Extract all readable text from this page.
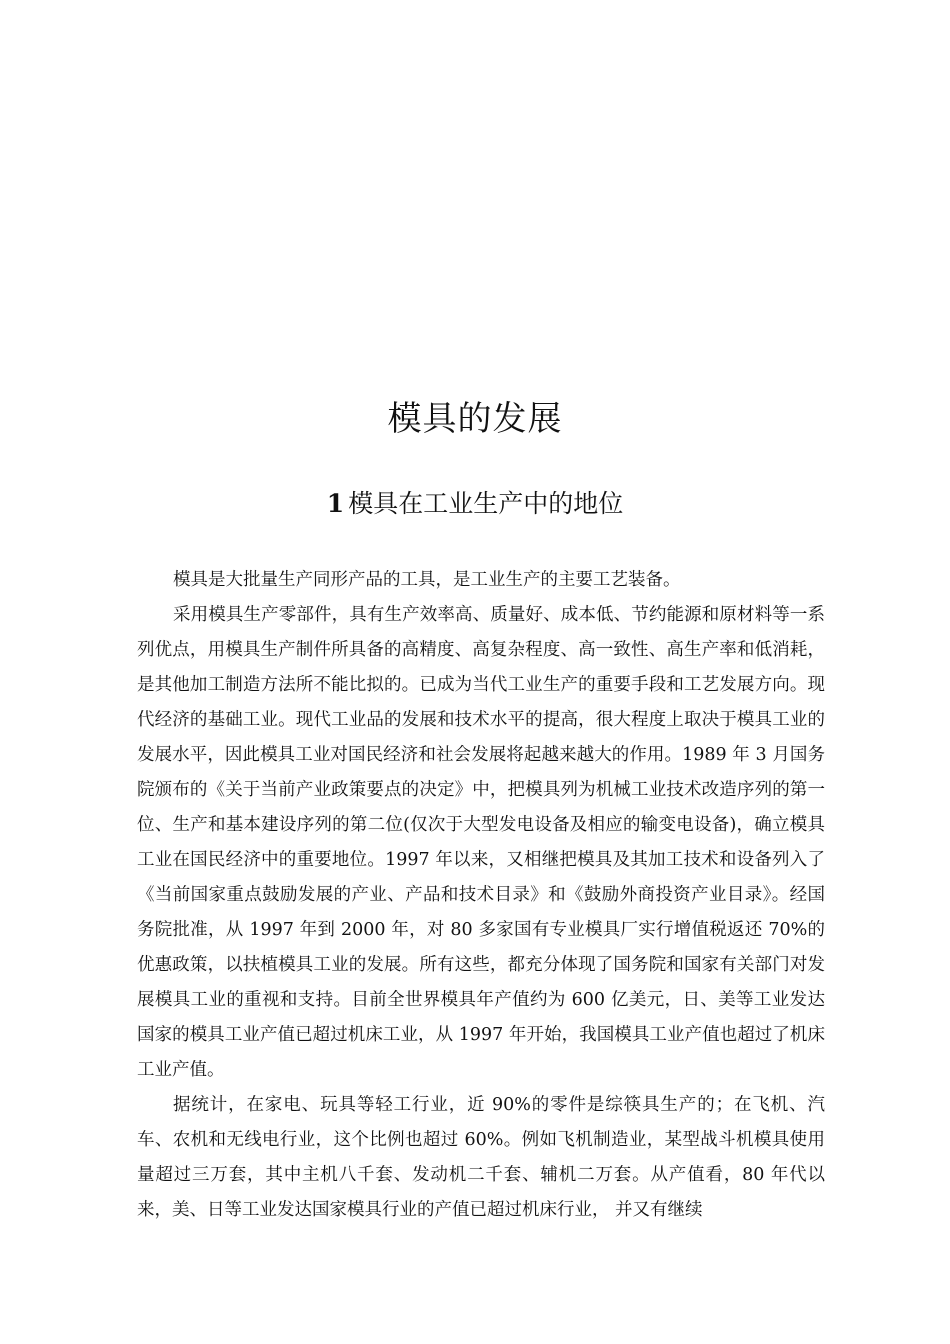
模具的发展
1 模具在工业生产中的地位

模具是大批量生产同形产品的工具，是工业生产的主要工艺装备。

采用模具生产零部件，具有生产效率高、质量好、成本低、节约能源和原材料等一系列优点，用模具生产制件所具备的高精度、高复杂程度、高一致性、高生产率和低消耗，是其他加工制造方法所不能比拟的。已成为当代工业生产的重要手段和工艺发展方向。现代经济的基础工业。现代工业品的发展和技术水平的提高，很大程度上取决于模具工业的发展水平，因此模具工业对国民经济和社会发展将起越来越大的作用。1989 年 3 月国务院颁布的《关于当前产业政策要点的决定》中，把模具列为机械工业技术改造序列的第一位、生产和基本建设序列的第二位(仅次于大型发电设备及相应的输变电设备)，确立模具工业在国民经济中的重要地位。1997 年以来，又相继把模具及其加工技术和设备列入了《当前国家重点鼓励发展的产业、产品和技术目录》和《鼓励外商投资产业目录》。经国务院批准，从 1997 年到 2000 年，对 80 多家国有专业模具厂实行增值税返还 70%的优惠政策，以扶植模具工业的发展。所有这些，都充分体现了国务院和国家有关部门对发展模具工业的重视和支持。目前全世界模具年产值约为 600 亿美元，日、美等工业发达国家的模具工业产值已超过机床工业，从 1997 年开始，我国模具工业产值也超过了机床工业产值。

据统计，在家电、玩具等轻工行业，近 90%的零件是综筷具生产的；在飞机、汽车、农机和无线电行业，这个比例也超过 60%。例如飞机制造业，某型战斗机模具使用量超过三万套，其中主机八千套、发动机二千套、辅机二万套。从产值看，80 年代以来，美、日等工业发达国家模具行业的产值已超过机床行业， 并又有继续
